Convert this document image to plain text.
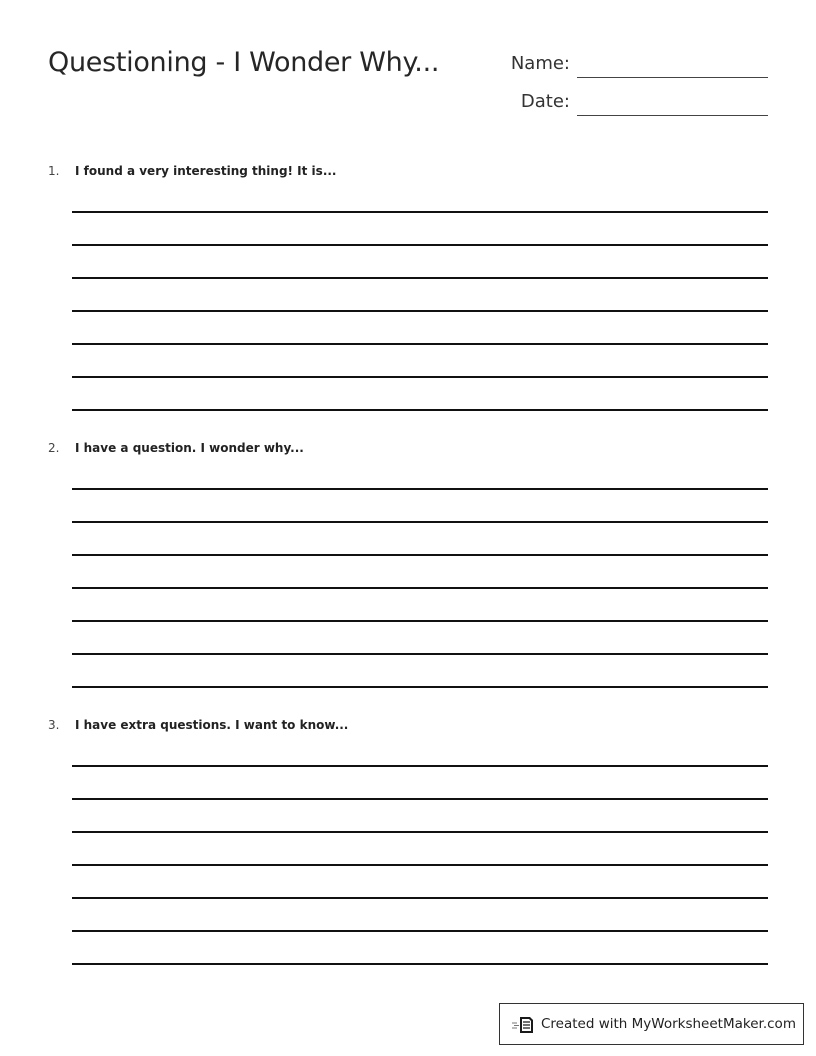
Questioning - I Wonder Why...	Name:
Date:
1. I found a very interesting thing! It is...
2. I have a question. I wonder why...
3. I have extra questions. I want to know...
Created with MyWorksheetMaker.com
